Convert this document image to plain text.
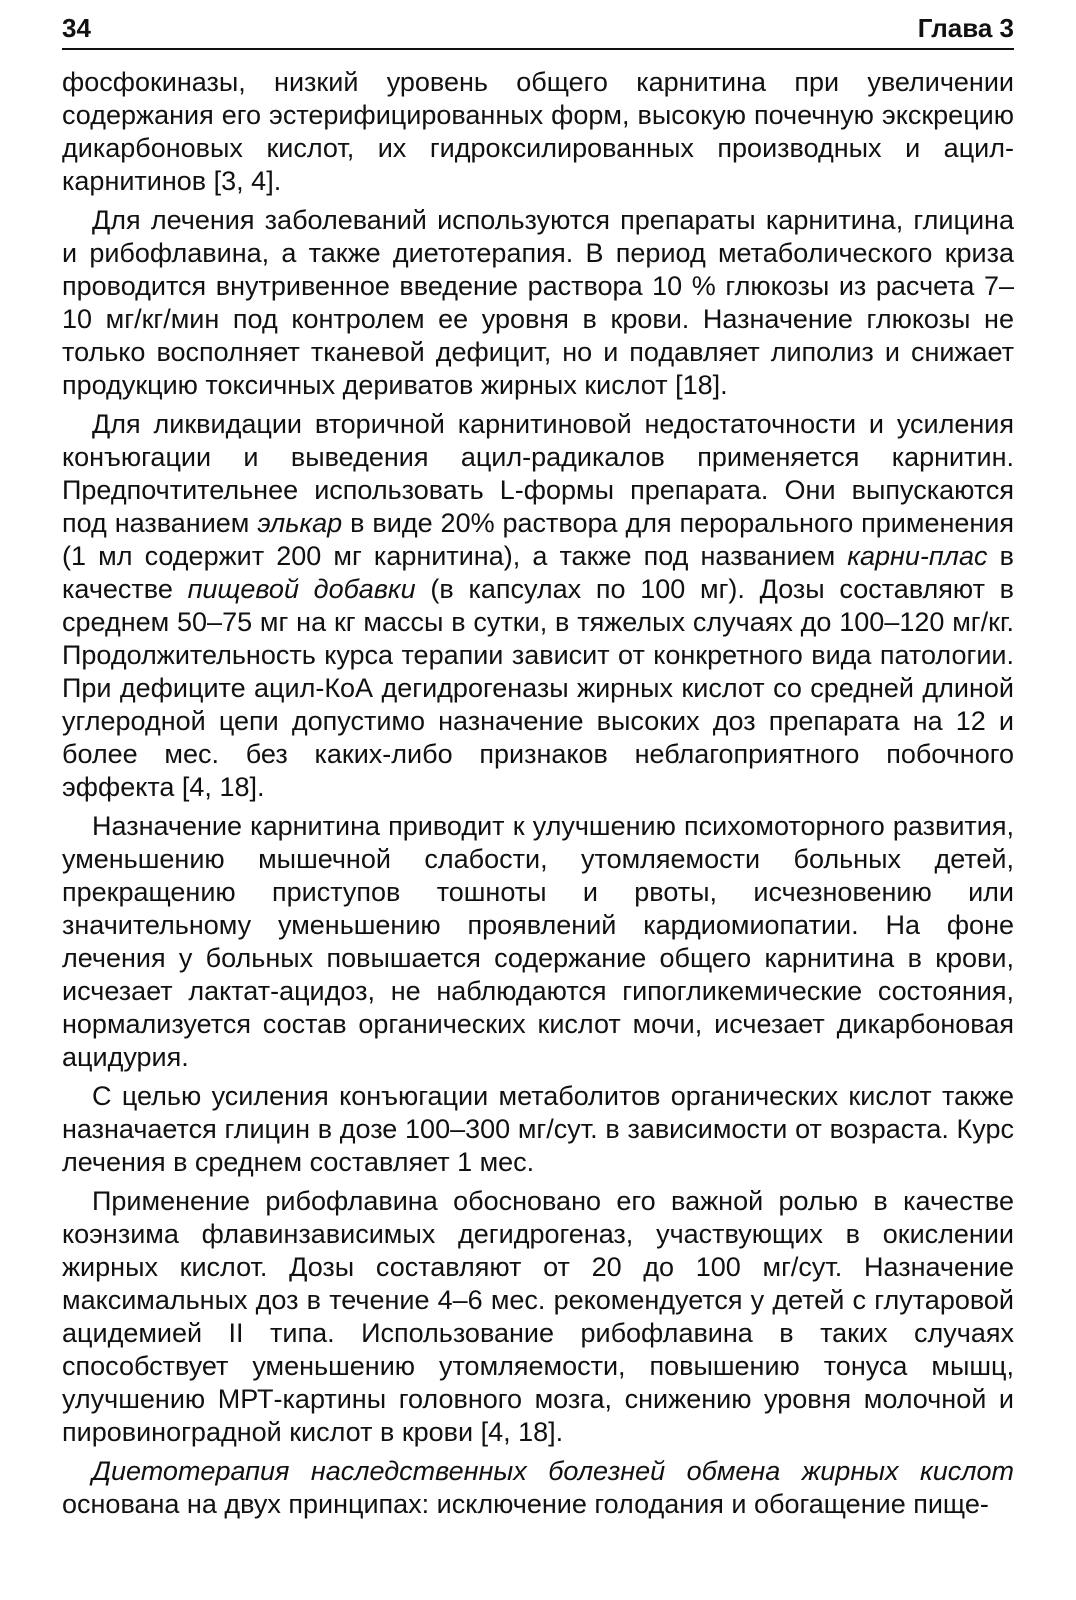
34	Глава 3

фосфокиназы, низкий уровень общего карнитина при увеличении содержания его эстерифицированных форм, высокую почечную экскрецию дикарбоновых кислот, их гидроксилированных производных и ацил-карнитинов [3, 4].

Для лечения заболеваний используются препараты карнитина, глицина и рибофлавина, а также диетотерапия. В период метаболического криза проводится внутривенное введение раствора 10 % глюкозы из расчета 7–10 мг/кг/мин под контролем ее уровня в крови. Назначение глюкозы не только восполняет тканевой дефицит, но и подавляет липолиз и снижает продукцию токсичных дериватов жирных кислот [18].

Для ликвидации вторичной карнитиновой недостаточности и усиления конъюгации и выведения ацил-радикалов применяется карнитин. Предпочтительнее использовать L-формы препарата. Они выпускаются под названием элькар в виде 20% раствора для перорального применения (1 мл содержит 200 мг карнитина), а также под названием карни-плас в качестве пищевой добавки (в капсулах по 100 мг). Дозы составляют в среднем 50–75 мг на кг массы в сутки, в тяжелых случаях до 100–120 мг/кг. Продолжительность курса терапии зависит от конкретного вида патологии. При дефиците ацил-КоА дегидрогеназы жирных кислот со средней длиной углеродной цепи допустимо назначение высоких доз препарата на 12 и более мес. без каких-либо признаков неблагоприятного побочного эффекта [4, 18].

Назначение карнитина приводит к улучшению психомоторного развития, уменьшению мышечной слабости, утомляемости больных детей, прекращению приступов тошноты и рвоты, исчезновению или значительному уменьшению проявлений кардиомиопатии. На фоне лечения у больных повышается содержание общего карнитина в крови, исчезает лактат-ацидоз, не наблюдаются гипогликемические состояния, нормализуется состав органических кислот мочи, исчезает дикарбоновая ацидурия.

С целью усиления конъюгации метаболитов органических кислот также назначается глицин в дозе 100–300 мг/сут. в зависимости от возраста. Курс лечения в среднем составляет 1 мес.

Применение рибофлавина обосновано его важной ролью в качестве коэнзима флавинзависимых дегидрогеназ, участвующих в окислении жирных кислот. Дозы составляют от 20 до 100 мг/сут. Назначение максимальных доз в течение 4–6 мес. рекомендуется у детей с глутаровой ацидемией II типа. Использование рибофлавина в таких случаях способствует уменьшению утомляемости, повышению тонуса мышц, улучшению МРТ-картины головного мозга, снижению уровня молочной и пировиноградной кислот в крови [4, 18].

Диетотерапия наследственных болезней обмена жирных кислот основана на двух принципах: исключение голодания и обогащение пище-
